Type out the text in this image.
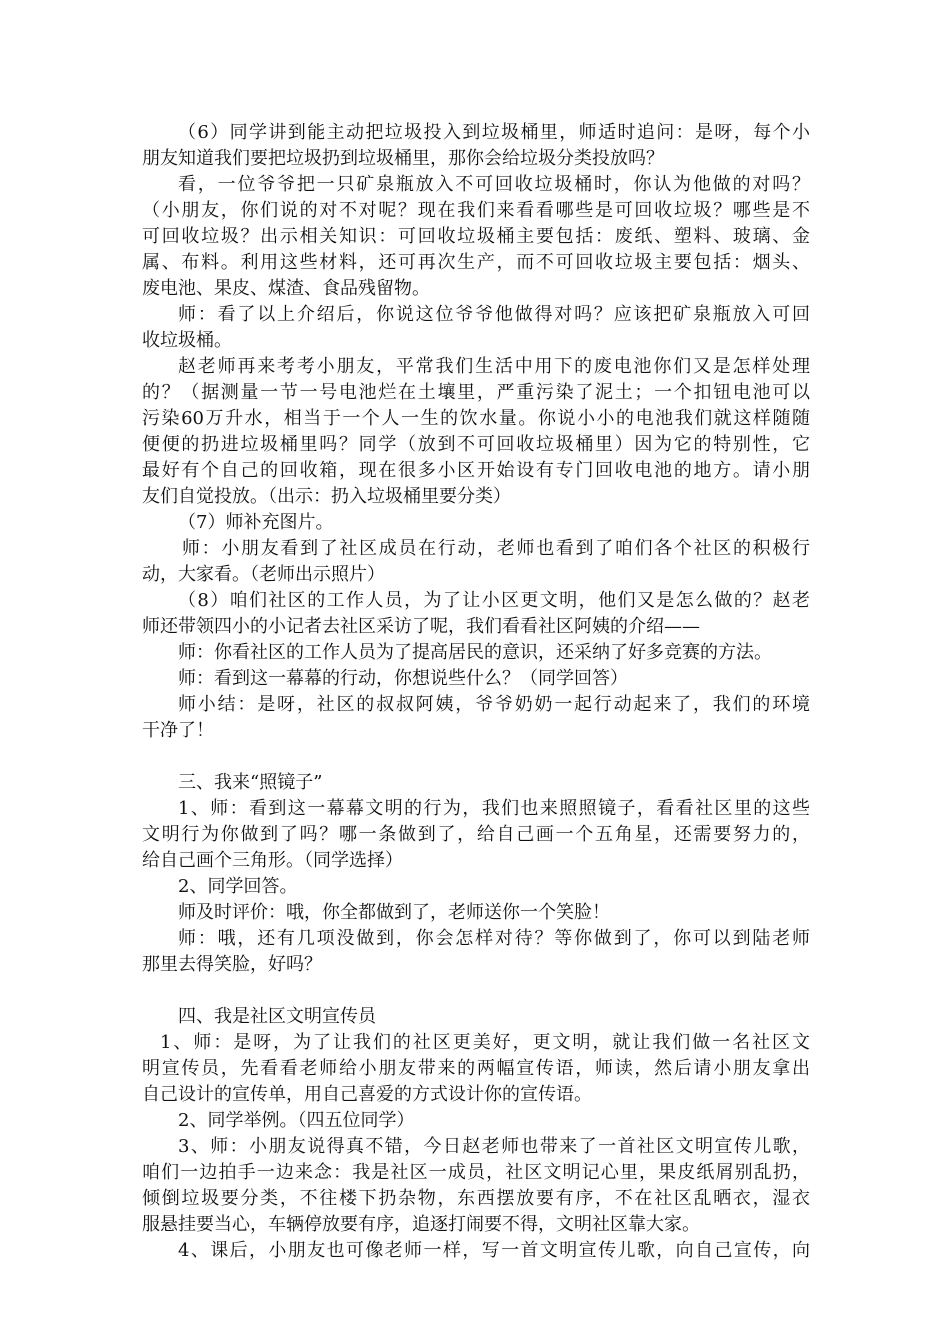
（6）同学讲到能主动把垃圾投入到垃圾桶里，师适时追问：是呀，每个小
朋友知道我们要把垃圾扔到垃圾桶里，那你会给垃圾分类投放吗？
看，一位爷爷把一只矿泉瓶放入不可回收垃圾桶时，你认为他做的对吗？
（小朋友，你们说的对不对呢？现在我们来看看哪些是可回收垃圾？哪些是不
可回收垃圾？出示相关知识：可回收垃圾桶主要包括：废纸、塑料、玻璃、金
属、布料。利用这些材料，还可再次生产，而不可回收垃圾主要包括：烟头、
废电池、果皮、煤渣、食品残留物。
师：看了以上介绍后，你说这位爷爷他做得对吗？应该把矿泉瓶放入可回
收垃圾桶。
赵老师再来考考小朋友，平常我们生活中用下的废电池你们又是怎样处理
的？（据测量一节一号电池烂在土壤里，严重污染了泥土；一个扣钮电池可以
污染60万升水，相当于一个人一生的饮水量。你说小小的电池我们就这样随随
便便的扔进垃圾桶里吗？同学（放到不可回收垃圾桶里）因为它的特别性，它
最好有个自己的回收箱，现在很多小区开始设有专门回收电池的地方。请小朋
友们自觉投放。（出示：扔入垃圾桶里要分类）
（7）师补充图片。
师：小朋友看到了社区成员在行动，老师也看到了咱们各个社区的积极行
动，大家看。（老师出示照片）
（8）咱们社区的工作人员，为了让小区更文明，他们又是怎么做的？赵老
师还带领四小的小记者去社区采访了呢，我们看看社区阿姨的介绍——
师：你看社区的工作人员为了提高居民的意识，还采纳了好多竞赛的方法。
师：看到这一幕幕的行动，你想说些什么？（同学回答）
师小结：是呀，社区的叔叔阿姨，爷爷奶奶一起行动起来了，我们的环境
干净了！
三、我来“照镜子”
1、师：看到这一幕幕文明的行为，我们也来照照镜子，看看社区里的这些
文明行为你做到了吗？哪一条做到了，给自己画一个五角星，还需要努力的，
给自己画个三角形。（同学选择）
2、同学回答。
师及时评价：哦，你全都做到了，老师送你一个笑脸！
师：哦，还有几项没做到，你会怎样对待？等你做到了，你可以到陆老师
那里去得笑脸，好吗？
四、我是社区文明宣传员
1、师：是呀，为了让我们的社区更美好，更文明，就让我们做一名社区文
明宣传员，先看看老师给小朋友带来的两幅宣传语，师读，然后请小朋友拿出
自己设计的宣传单，用自己喜爱的方式设计你的宣传语。
2、同学举例。（四五位同学）
3、师：小朋友说得真不错，今日赵老师也带来了一首社区文明宣传儿歌，
咱们一边拍手一边来念：我是社区一成员，社区文明记心里，果皮纸屑别乱扔，
倾倒垃圾要分类，不往楼下扔杂物，东西摆放要有序，不在社区乱晒衣，湿衣
服悬挂要当心，车辆停放要有序，追逐打闹要不得，文明社区靠大家。
4、课后，小朋友也可像老师一样，写一首文明宣传儿歌，向自己宣传，向
